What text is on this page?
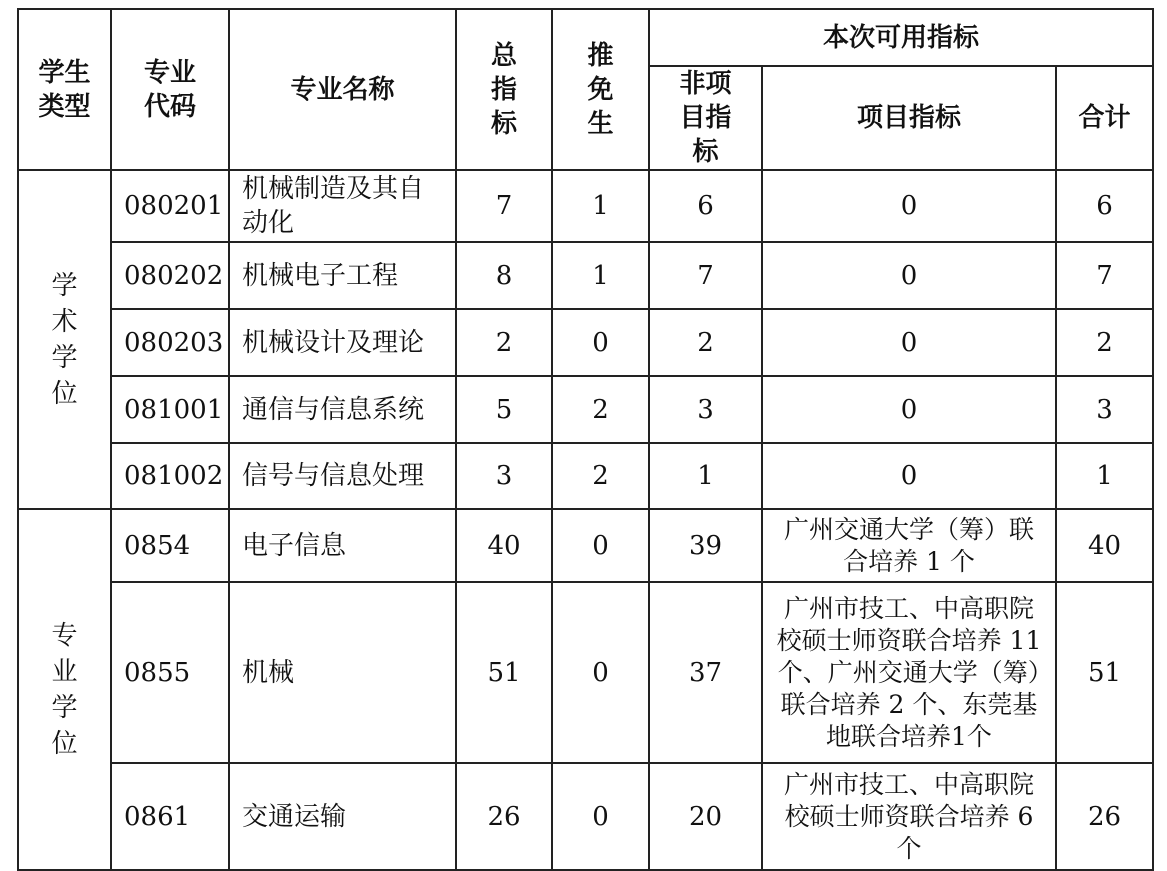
学生类型	专业代码	专业名称	总指标	推免生	本次可用指标		
					非项目指标	项目指标	合计
学术学位	080201	机械制造及其自动化	7	1	6	0	6
	080202	机械电子工程	8	1	7	0	7
	080203	机械设计及理论	2	0	2	0	2
	081001	通信与信息系统	5	2	3	0	3
	081002	信号与信息处理	3	2	1	0	1
专业学位	0854	电子信息	40	0	39	广州交通大学（筹）联合培养 1 个	40
	0855	机械	51	0	37	广州市技工、中高职院校硕士师资联合培养 11 个、广州交通大学（筹）联合培养 2 个、东莞基地联合培养1个	51
	0861	交通运输	26	0	20	广州市技工、中高职院校硕士师资联合培养 6 个	26
